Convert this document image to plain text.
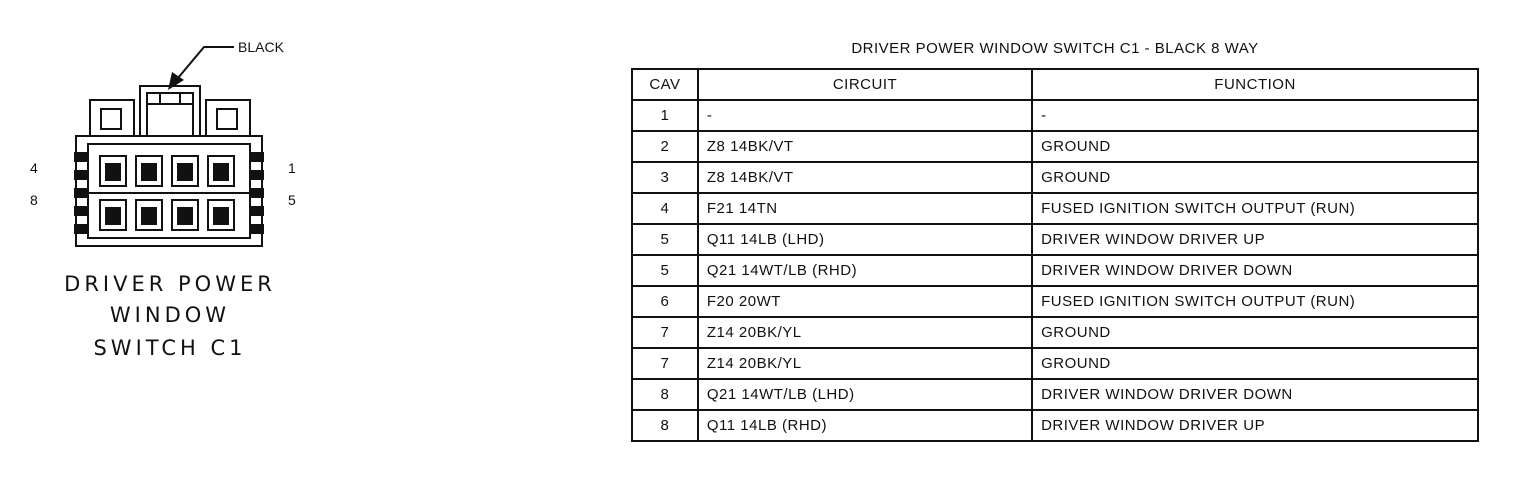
BLACK
4
8
1
5
DRIVER POWER
WINDOW
SWITCH C1
DRIVER POWER WINDOW SWITCH C1 - BLACK 8 WAY
CAV	CIRCUIT	FUNCTION
1	-	-
2	Z8 14BK/VT	GROUND
3	Z8 14BK/VT	GROUND
4	F21 14TN	FUSED IGNITION SWITCH OUTPUT (RUN)
5	Q11 14LB (LHD)	DRIVER WINDOW DRIVER UP
5	Q21 14WT/LB (RHD)	DRIVER WINDOW DRIVER DOWN
6	F20 20WT	FUSED IGNITION SWITCH OUTPUT (RUN)
7	Z14 20BK/YL	GROUND
7	Z14 20BK/YL	GROUND
8	Q21 14WT/LB (LHD)	DRIVER WINDOW DRIVER DOWN
8	Q11 14LB (RHD)	DRIVER WINDOW DRIVER UP
